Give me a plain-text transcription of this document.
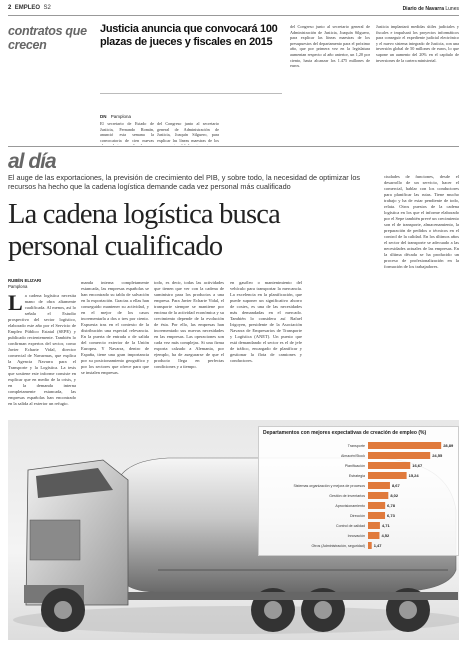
2 EMPLEO S2	Diario de Navarra Lunes
contratos que crecen
Justicia anuncia que convocará 100 plazas de jueces y fiscales en 2015
DN Pamplona
El secretario de Estado de Justicia, Fernando Román, anunció esta semana la convocatoria de cien nuevas
del Congreso junto al secretario general de Administración de Justicia, Joaquín Silguero, para explicar las líneas maestras de los
del Congreso junto al secretario general de Administración de Justicia, Joaquín Silguero, para explicar las líneas maestras de los presupuestos del departamento para el próximo año, que por primera vez en la legislatura aumentan respecto al año anterior, un 1,20 por ciento, hasta alcanzar los 1.475 millones de euros.
Justicia implantará medidas útiles judiciales y fiscales e impulsará los proyectos informáticos para conseguir el expediente judicial electrónico y el nuevo sistema integrado de Justicia, con una inversión global de 50 millones de euros, lo que supone un aumento del 20% en el capítulo de inversiones de la cartera ministerial.
al día
El auge de las exportaciones, la previsión de crecimiento del PIB, y sobre todo, la necesidad de optimizar los recursos ha hecho que la cadena logística demande cada vez personal más cualificado
La cadena logística busca personal cualificado
RUBÉN ELIZARI
Pamplona
La cadena logística necesita mano de obra altamente cualificada. Al menos, así lo señala el Estudio prospectivo del sector logístico, elaborado este año por el Servicio de Empleo Público Estatal (SEPE) y publicado recientemente. También lo confirman expertos del sector, como Javier Echarte Vidal, director comercial de Navarmas, que explica la Agencia Navarra para el Transporte y la Logística. La tesis que sostiene este informe consiste en explicar que en medio de la crisis, y en la demanda interna completamente estancada, las empresas españolas han encontrado en la salida al exterior un refugio.
manda interna completamente estancada, las empresas españolas se han encontrado su tabla de salvación en la exportación. Gracias a ellas han conseguido mantener su actividad, y en el mejor de los casos incrementarla a dos o tres por ciento. Expuesta tras en el contexto de la distribución una especial relevancia. En la puerta de entrada o de salida del comercio exterior de la Unión Europea. Y Navarra, dentro de España, tiene una gran importancia por su posicionamiento geográfico y por los sectores que ofrece para que se instalen empresas.
todo, es decir, todas las actividades que tienen que ver con la cadena de suministro para los productos a una empresa. Para Javier Echarte Vidal, el transporte siempre se mantiene por encima de la actividad económica y su crecimiento depende de la evolución de ésta. Por ello, las empresas han incrementado sus nuevas necesidades en las empresas. Las operaciones son cada vez más complejas. Si una firma exporta calzado a Alemania, por ejemplo, ha de asegurarse de que el producto llega en perfectas condiciones y a tiempo.
en gasóleo o mantenimiento del vehículo para transportar la mercancía. La excelencia en la planificación, que puede suponer un significativo ahorro de costes, es una de las necesidades más demandadas en el mercado. También lo considera así Rafael Irigoyen, presidente de la Asociación Navarra de Empresarios de Transporte y Logística (ANET). Un puesto que está demandando el sector es el de jefe de tráfico, encargado de planificar y gestionar la flota de camiones y conductores.
ciudades de funciones, desde el desarrollo de un servicio, hacer el comercial, hablar con los conductores para planificar las rutas. Tiene mucho trabajo y ha de estar pendiente de todo, relata. Otros puestos de la cadena logística en los que el informe elaborado por el Sepe también prevé un crecimiento son el de transporte, almacenamiento, la preparación de pedidos o técnicos en el control de la calidad. En los últimos años el sector del transporte se adecuado a las necesidades actuales de las empresas. En la última década se ha producido un proceso de profesionalización en la formación de los trabajadores.
Departamentos con mejores expectativas de creación de empleo (%)
Transporte	28,89
Almacén/Stock	24,55
Planificación	16,67
Estrategia	15,24
Sistemas organización y mejora de procesos	8,67
Gestión de inventarios	8,02
Aprovisionamiento	6,78
Dirección	6,73
Control de calidad	4,71
Innovación	4,52
Otros (Administración, seguridad) 1,47
